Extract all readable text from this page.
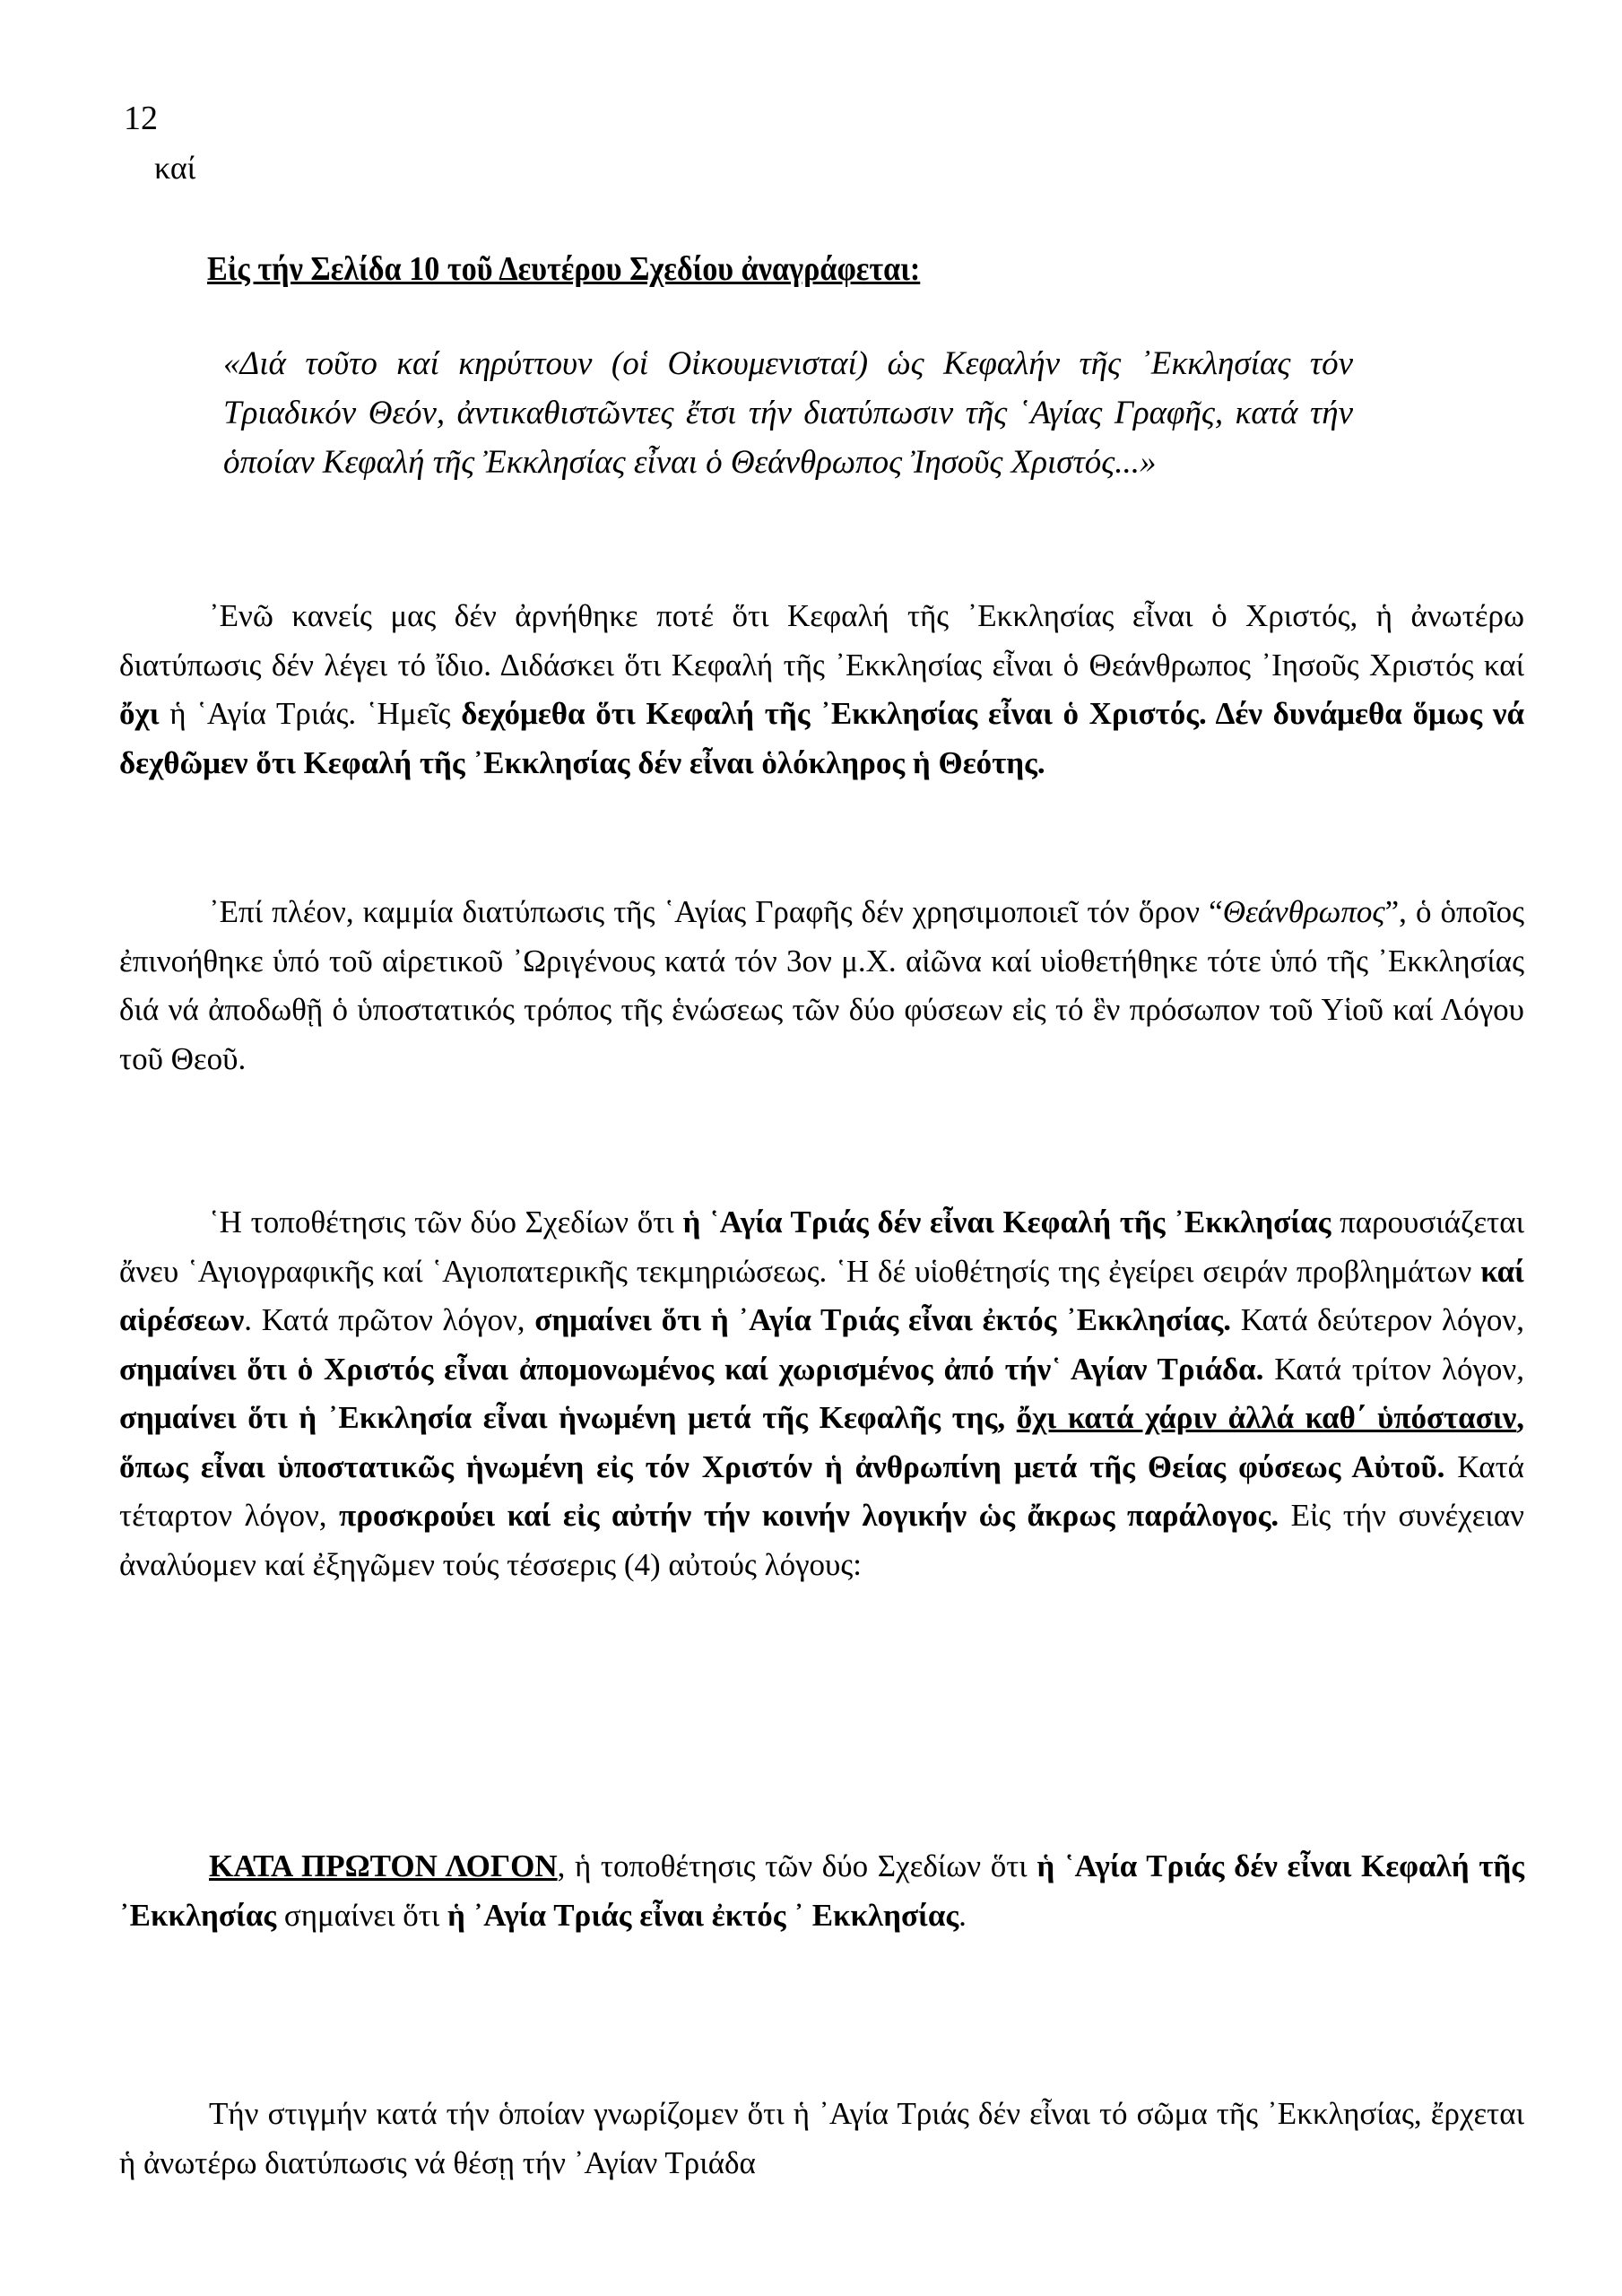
12
καί
Εἰς τήν Σελίδα 10 τοῦ Δευτέρου Σχεδίου ἀναγράφεται:
«Διά τοῦτο καί κηρύττουν (οἱ Οἰκουμενισταί) ὡς Κεφαλήν τῆς ᾿Εκκλησίας τόν Τριαδικόν Θεόν, ἀντικαθιστῶντες ἔτσι τήν διατύπωσιν τῆς ῾Αγίας Γραφῆς, κατά τήν ὁποίαν Κεφαλή τῆς Ἐκκλησίας εἶναι ὁ Θεάνθρωπος Ἰησοῦς Χριστός...»
᾿Ενῶ κανείς μας δέν ἀρνήθηκε ποτέ ὅτι Κεφαλή τῆς ᾿Εκκλησίας εἶναι ὁ Χριστός, ἡ ἀνωτέρω διατύπωσις δέν λέγει τό ἴδιο. Διδάσκει ὅτι Κεφαλή τῆς ᾿Εκκλησίας εἶναι ὁ Θεάνθρωπος ᾿Ιησοῦς Χριστός καί ὄχι ἡ ῾Αγία Τριάς. ῾Ημεῖς δεχόμεθα ὅτι Κεφαλή τῆς ᾿Εκκλησίας εἶναι ὁ Χριστός. Δέν δυνάμεθα ὅμως νά δεχθῶμεν ὅτι Κεφαλή τῆς ᾿Εκκλησίας δέν εἶναι ὁλόκληρος ἡ Θεότης.
᾿Επί πλέον, καμμία διατύπωσις τῆς ῾Αγίας Γραφῆς δέν χρησιμοποιεῖ τόν ὅρον “Θεάνθρωπος”, ὁ ὁποῖος ἐπινοήθηκε ὑπό τοῦ αἱρετικοῦ ᾿Ωριγένους κατά τόν 3ον μ.Χ. αἰῶνα καί υἱοθετήθηκε τότε ὑπό τῆς ᾿Εκκλησίας διά νά ἀποδωθῇ ὁ ὑποστατικός τρόπος τῆς ἑνώσεως τῶν δύο φύσεων εἰς τό ἓν πρόσωπον τοῦ Υἱοῦ καί Λόγου τοῦ Θεοῦ.
῾Η τοποθέτησις τῶν δύο Σχεδίων ὅτι ἡ ῾Αγία Τριάς δέν εἶναι Κεφαλή τῆς ᾿Εκκλησίας παρουσιάζεται ἄνευ ῾Αγιογραφικῆς καί ῾Αγιοπατερικῆς τεκμηριώσεως. ῾Η δέ υἱοθέτησίς της ἐγείρει σειράν προβλημάτων καί αἱρέσεων. Κατά πρῶτον λόγον, σημαίνει ὅτι ἡ ᾿Αγία Τριάς εἶναι ἐκτός ᾿Εκκλησίας. Κατά δεύτερον λόγον, σημαίνει ὅτι ὁ Χριστός εἶναι ἀπομονωμένος καί χωρισμένος ἀπό τήν῾ Αγίαν Τριάδα. Κατά τρίτον λόγον, σημαίνει ὅτι ἡ ᾿Εκκλησία εἶναι ἡνωμένη μετά τῆς Κεφαλῆς της, ὄχι κατά χάριν ἀλλά καθ΄ ὑπόστασιν, ὅπως εἶναι ὑποστατικῶς ἡνωμένη εἰς τόν Χριστόν ἡ ἀνθρωπίνη μετά τῆς Θείας φύσεως Αὐτοῦ. Κατά τέταρτον λόγον, προσκρούει καί εἰς αὐτήν τήν κοινήν λογικήν ὡς ἄκρως παράλογος. Εἰς τήν συνέχειαν ἀναλύομεν καί ἐξηγῶμεν τούς τέσσερις (4) αὐτούς λόγους:
ΚΑΤΑ ΠΡΩΤΟΝ ΛΟΓΟΝ, ἡ τοποθέτησις τῶν δύο Σχεδίων ὅτι ἡ ῾Αγία Τριάς δέν εἶναι Κεφαλή τῆς ᾿Εκκλησίας σημαίνει ὅτι ἡ ᾿Αγία Τριάς εἶναι ἐκτός ᾿ Εκκλησίας.
Τήν στιγμήν κατά τήν ὁποίαν γνωρίζομεν ὅτι ἡ ᾿Αγία Τριάς δέν εἶναι τό σῶμα τῆς ᾿Εκκλησίας, ἔρχεται ἡ ἀνωτέρω διατύπωσις νά θέσῃ τήν ᾿Αγίαν Τριάδα
